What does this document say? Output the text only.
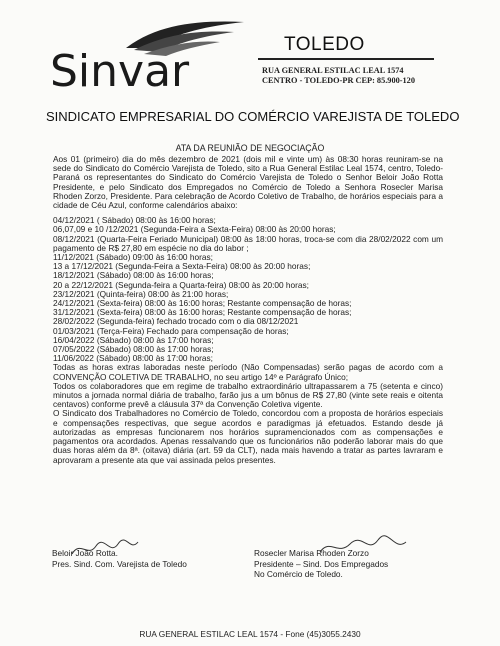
Sinvar
TOLEDO
RUA GENERAL ESTILAC LEAL 1574
CENTRO - TOLEDO-PR CEP: 85.900-120
SINDICATO EMPRESARIAL DO COMÉRCIO VAREJISTA DE TOLEDO
ATA DA REUNIÃO DE NEGOCIAÇÃO

Aos 01 (primeiro) dia do mês dezembro de 2021 (dois mil e vinte um) às 08:30 horas reuniram-se na sede do Sindicato do Comércio Varejista de Toledo, sito a Rua General Estilac Leal 1574, centro, Toledo- Paraná os representantes do Sindicato do Comércio Varejista de Toledo o Senhor Beloir João Rotta Presidente, e pelo Sindicato dos Empregados no Comércio de Toledo a Senhora Rosecler Marisa Rhoden Zorzo, Presidente. Para celebração de Acordo Coletivo de Trabalho, de horários especiais para a cidade de Céu Azul, conforme calendários abaixo:

04/12/2021 ( Sábado) 08:00 às 16:00 horas;

06,07,09 e 10 /12/2021 (Segunda-Feira a Sexta-Feira) 08:00 às 20:00 horas;

08/12/2021 (Quarta-Feira Feriado Municipal) 08:00 às 18:00 horas, troca-se com dia 28/02/2022 com um pagamento de R$ 27,80 em espécie no dia do labor ;

11/12/2021 (Sábado) 09:00 às 16:00 horas;

13 a 17/12/2021 (Segunda-Feira a Sexta-Feira) 08:00 às 20:00 horas;

18/12/2021 (Sábado) 08:00 às 16:00 horas;

20 a 22/12/2021 (Segunda-feira a Quarta-feira) 08:00 às 20:00 horas;

23/12/2021 (Quinta-feira) 08:00 às 21:00 horas;

24/12/2021 (Sexta-feira) 08:00 às 16:00 horas; Restante compensação de horas;

31/12/2021 (Sexta-feira) 08:00 às 16:00 horas; Restante compensação de horas;

28/02/2022 (Segunda-feira) fechado trocado com o dia 08/12/2021

01/03/2021 (Terça-Feira) Fechado para compensação de horas;

16/04/2022 (Sábado) 08:00 às 17:00 horas;

07/05/2022 (Sábado) 08:00 às 17:00 horas;

11/06/2022 (Sábado) 08:00 às 17:00 horas;

Todas as horas extras laboradas neste período (Não Compensadas) serão pagas de acordo com a CONVENÇÃO COLETIVA DE TRABALHO, no seu artigo 14º e Parágrafo Único;

Todos os colaboradores que em regime de trabalho extraordinário ultrapassarem a 75 (setenta e cinco) minutos a jornada normal diária de trabalho, farão jus a um bônus de R$ 27,80 (vinte sete reais e oitenta centavos) conforme prevê a cláusula 37ª da Convenção Coletiva vigente.

O Sindicato dos Trabalhadores no Comércio de Toledo, concordou com a proposta de horários especiais e compensações respectivas, que segue acordos e paradigmas já efetuados. Estando desde já autorizadas as empresas funcionarem nos horários supramencionados com as compensações e pagamentos ora acordados. Apenas ressalvando que os funcionários não poderão laborar mais do que duas horas além da 8ª. (oitava) diária (art. 59 da CLT), nada mais havendo a tratar as partes lavraram e aprovaram a presente ata que vai assinada pelos presentes.

Beloir João Rotta.
Pres. Sind. Com. Varejista de Toledo
Rosecler Marisa Rhoden Zorzo
Presidente – Sind. Dos Empregados
No Comércio de Toledo.
RUA GENERAL ESTILAC LEAL 1574 - Fone (45)3055.2430
